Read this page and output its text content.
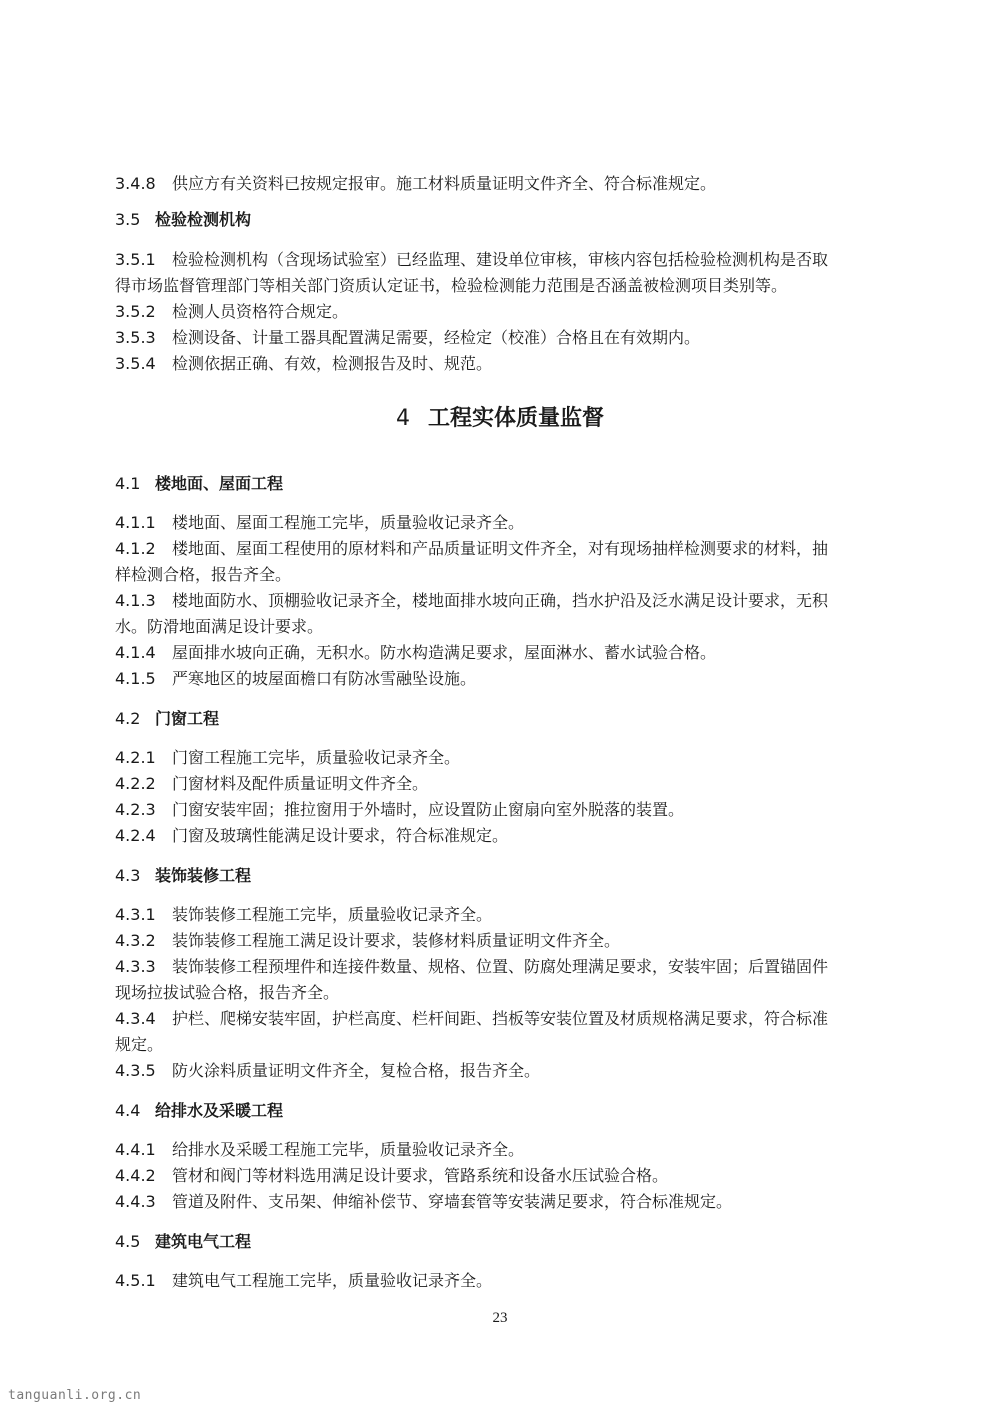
3.4.8 供应方有关资料已按规定报审。施工材料质量证明文件齐全、符合标准规定。
3.5 检验检测机构
3.5.1 检验检测机构（含现场试验室）已经监理、建设单位审核，审核内容包括检验检测机构是否取
得市场监督管理部门等相关部门资质认定证书，检验检测能力范围是否涵盖被检测项目类别等。
3.5.2 检测人员资格符合规定。
3.5.3 检测设备、计量工器具配置满足需要，经检定（校准）合格且在有效期内。
3.5.4 检测依据正确、有效，检测报告及时、规范。
4 工程实体质量监督
4.1 楼地面、屋面工程
4.1.1 楼地面、屋面工程施工完毕，质量验收记录齐全。
4.1.2 楼地面、屋面工程使用的原材料和产品质量证明文件齐全，对有现场抽样检测要求的材料，抽
样检测合格，报告齐全。
4.1.3 楼地面防水、顶棚验收记录齐全，楼地面排水坡向正确，挡水护沿及泛水满足设计要求，无积
水。防滑地面满足设计要求。
4.1.4 屋面排水坡向正确，无积水。防水构造满足要求，屋面淋水、蓄水试验合格。
4.1.5 严寒地区的坡屋面檐口有防冰雪融坠设施。
4.2 门窗工程
4.2.1 门窗工程施工完毕，质量验收记录齐全。
4.2.2 门窗材料及配件质量证明文件齐全。
4.2.3 门窗安装牢固；推拉窗用于外墙时，应设置防止窗扇向室外脱落的装置。
4.2.4 门窗及玻璃性能满足设计要求，符合标准规定。
4.3 装饰装修工程
4.3.1 装饰装修工程施工完毕，质量验收记录齐全。
4.3.2 装饰装修工程施工满足设计要求，装修材料质量证明文件齐全。
4.3.3 装饰装修工程预埋件和连接件数量、规格、位置、防腐处理满足要求，安装牢固；后置锚固件
现场拉拔试验合格，报告齐全。
4.3.4 护栏、爬梯安装牢固，护栏高度、栏杆间距、挡板等安装位置及材质规格满足要求，符合标准
规定。
4.3.5 防火涂料质量证明文件齐全，复检合格，报告齐全。
4.4 给排水及采暖工程
4.4.1 给排水及采暖工程施工完毕，质量验收记录齐全。
4.4.2 管材和阀门等材料选用满足设计要求，管路系统和设备水压试验合格。
4.4.3 管道及附件、支吊架、伸缩补偿节、穿墙套管等安装满足要求，符合标准规定。
4.5 建筑电气工程
4.5.1 建筑电气工程施工完毕，质量验收记录齐全。
23
tanguanli.org.cn
